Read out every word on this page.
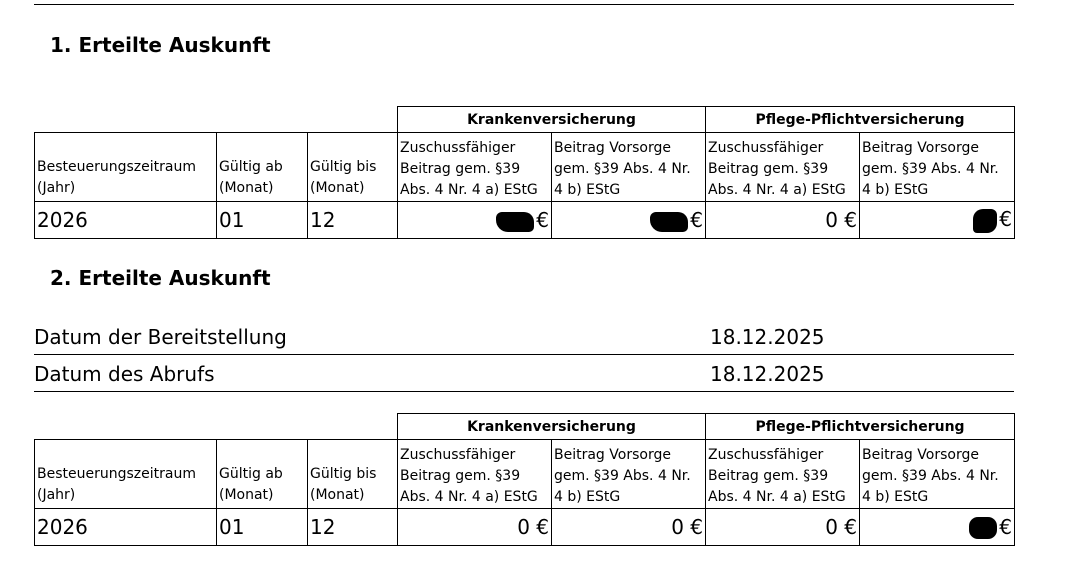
1. Erteilte Auskunft
			Krankenversicherung		Pflege-Pflichtversicherung	
Besteuerungszeitraum (Jahr)	Gültig ab (Monat)	Gültig bis (Monat)	Zuschussfähiger Beitrag gem. §39 Abs. 4 Nr. 4 a) EStG	Beitrag Vorsorge gem. §39 Abs. 4 Nr. 4 b) EStG	Zuschussfähiger Beitrag gem. §39 Abs. 4 Nr. 4 a) EStG	Beitrag Vorsorge gem. §39 Abs. 4 Nr. 4 b) EStG
2026	01	12	€	€	0 €	€
2. Erteilte Auskunft
Datum der Bereitstellung	18.12.2025
Datum des Abrufs	18.12.2025
			Krankenversicherung		Pflege-Pflichtversicherung	
Besteuerungszeitraum (Jahr)	Gültig ab (Monat)	Gültig bis (Monat)	Zuschussfähiger Beitrag gem. §39 Abs. 4 Nr. 4 a) EStG	Beitrag Vorsorge gem. §39 Abs. 4 Nr. 4 b) EStG	Zuschussfähiger Beitrag gem. §39 Abs. 4 Nr. 4 a) EStG	Beitrag Vorsorge gem. §39 Abs. 4 Nr. 4 b) EStG
2026	01	12	0 €	0 €	0 €	€
